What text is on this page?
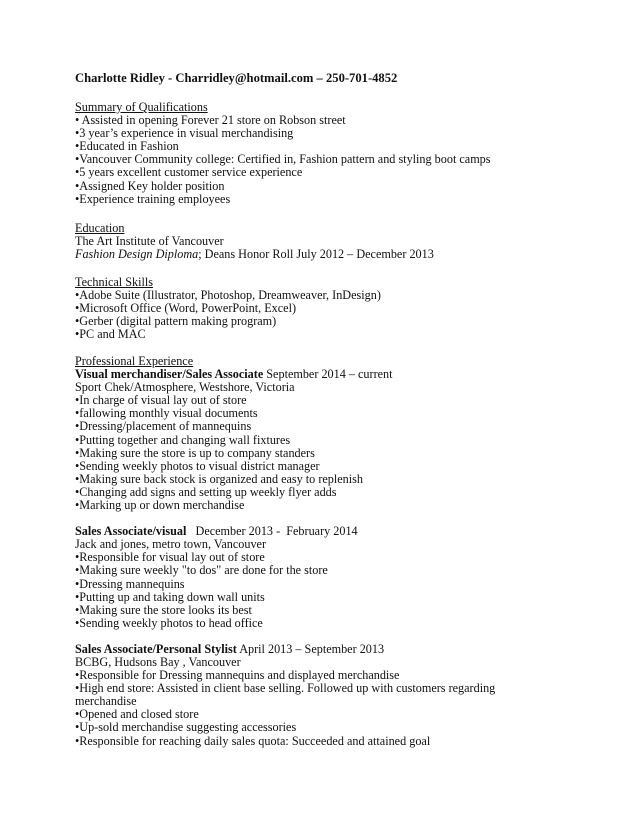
Charlotte Ridley - Charridley@hotmail.com – 250-701-4852
Summary of Qualifications
• Assisted in opening Forever 21 store on Robson street
•3 year’s experience in visual merchandising
•Educated in Fashion
•Vancouver Community college: Certified in, Fashion pattern and styling boot camps
•5 years excellent customer service experience
•Assigned Key holder position
•Experience training employees
Education
The Art Institute of Vancouver
Fashion Design Diploma; Deans Honor Roll July 2012 – December 2013
Technical Skills
•Adobe Suite (Illustrator, Photoshop, Dreamweaver, InDesign)
•Microsoft Office (Word, PowerPoint, Excel)
•Gerber (digital pattern making program)
•PC and MAC
Professional Experience
Visual merchandiser/Sales Associate September 2014 – current
Sport Chek/Atmosphere, Westshore, Victoria
•In charge of visual lay out of store
•fallowing monthly visual documents
•Dressing/placement of mannequins
•Putting together and changing wall fixtures
•Making sure the store is up to company standers
•Sending weekly photos to visual district manager
•Making sure back stock is organized and easy to replenish
•Changing add signs and setting up weekly flyer adds
•Marking up or down merchandise
Sales Associate/visual   December 2013 -  February 2014
Jack and jones, metro town, Vancouver
•Responsible for visual lay out of store
•Making sure weekly "to dos" are done for the store
•Dressing mannequins
•Putting up and taking down wall units
•Making sure the store looks its best
•Sending weekly photos to head office
Sales Associate/Personal Stylist April 2013 – September 2013
BCBG, Hudsons Bay , Vancouver
•Responsible for Dressing mannequins and displayed merchandise
•High end store: Assisted in client base selling. Followed up with customers regarding merchandise
•Opened and closed store
•Up-sold merchandise suggesting accessories
•Responsible for reaching daily sales quota: Succeeded and attained goal
